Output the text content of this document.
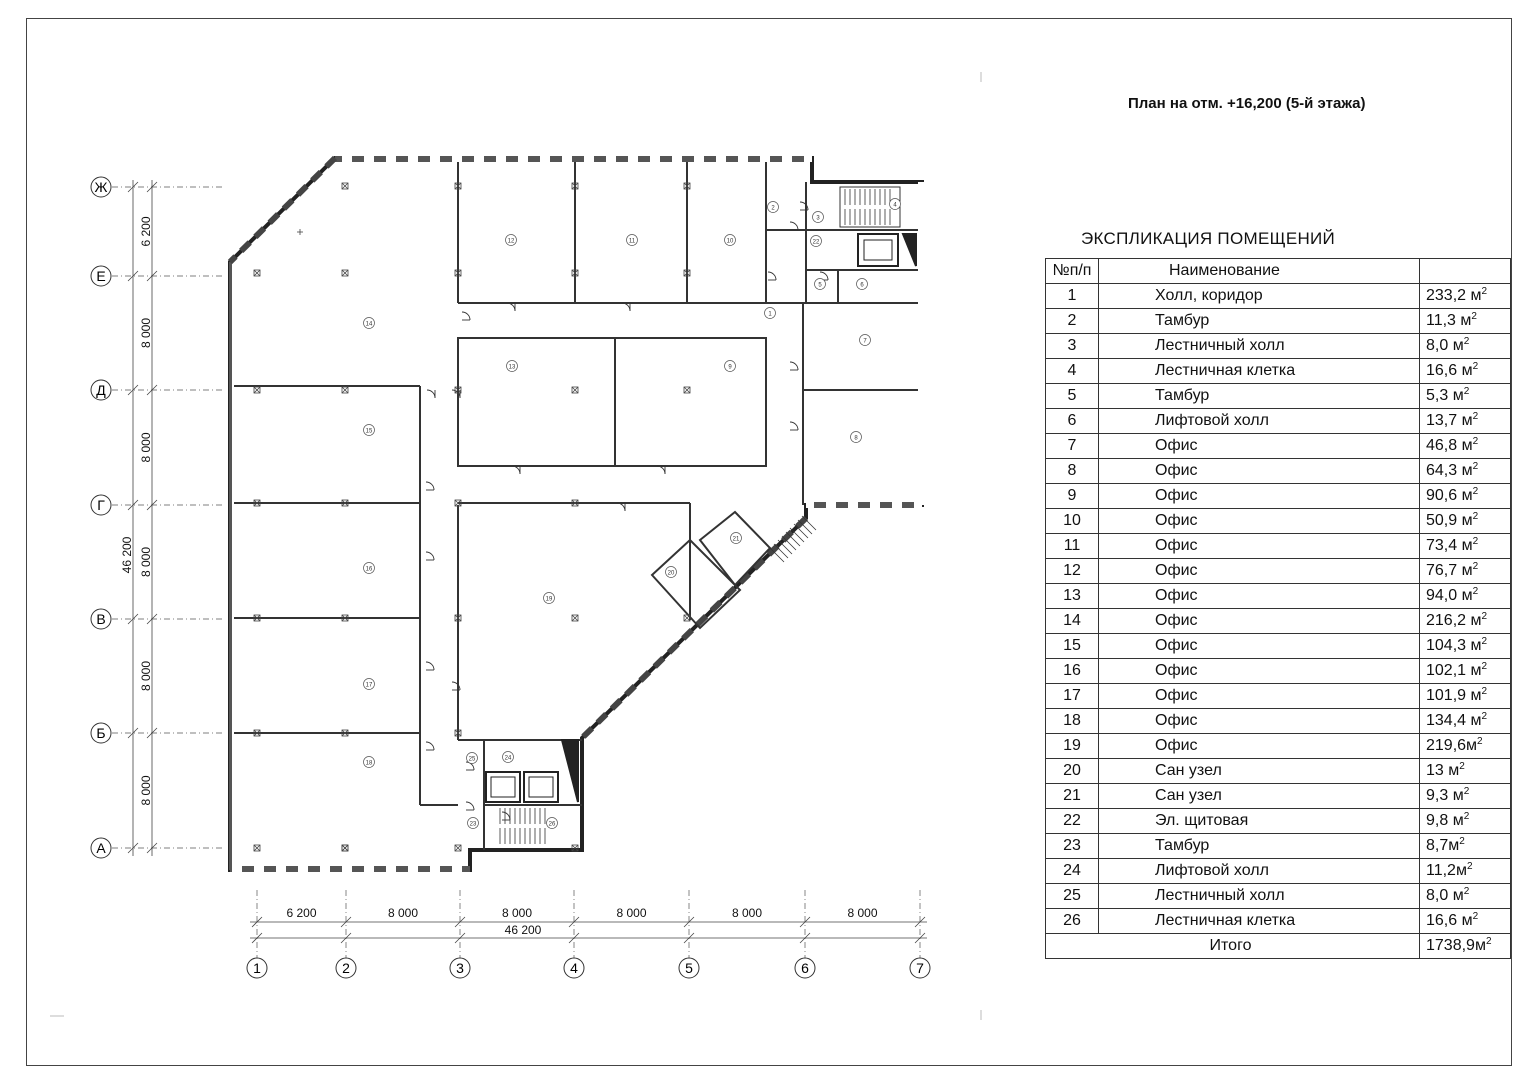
План на отм. +16,200 (5-й этажа)
1
2
3
4
5	6
7
8
9
10
11
12
13
14
15
16
17
18
19
20
21
22
23
24
25
26
Ж
Е
Д
Г
В
Б
А
1	2	3	4	5	6	7
6 200
8 000
8 000
8 000
8 000
8 000
46 200
6 200	8 000	8 000	8 000	8 000	8 000
46 200
ЭКСПЛИКАЦИЯ ПОМЕЩЕНИЙ
№п/п	Наименование	
1	Холл, коридор	233,2 $м^2$
2	Тамбур	11,3 $м^2$
3	Лестничный холл	8,0 $м^2$
4	Лестничная клетка	16,6 $м^2$
5	Тамбур	5,3 $м^2$
6	Лифтовой холл	13,7 $м^2$
7	Офис	46,8 $м^2$
8	Офис	64,3 $м^2$
9	Офис	90,6 $м^2$
10	Офис	50,9 $м^2$
11	Офис	73,4 $м^2$
12	Офис	76,7 $м^2$
13	Офис	94,0 $м^2$
14	Офис	216,2 $м^2$
15	Офис	104,3 $м^2$
16	Офис	102,1 $м^2$
17	Офис	101,9 $м^2$
18	Офис	134,4 $м^2$
19	Офис	$219,6м^2$
20	Сан узел	13 $м^2$
21	Сан узел	9,3 $м^2$
22	Эл. щитовая	9,8 $м^2$
23	Тамбур	$8,7м^2$
24	Лифтовой холл	$11,2м^2$
25	Лестничный холл	8,0 $м^2$
26	Лестничная клетка	16,6 $м^2$
Итого		$1738,9м^2$
